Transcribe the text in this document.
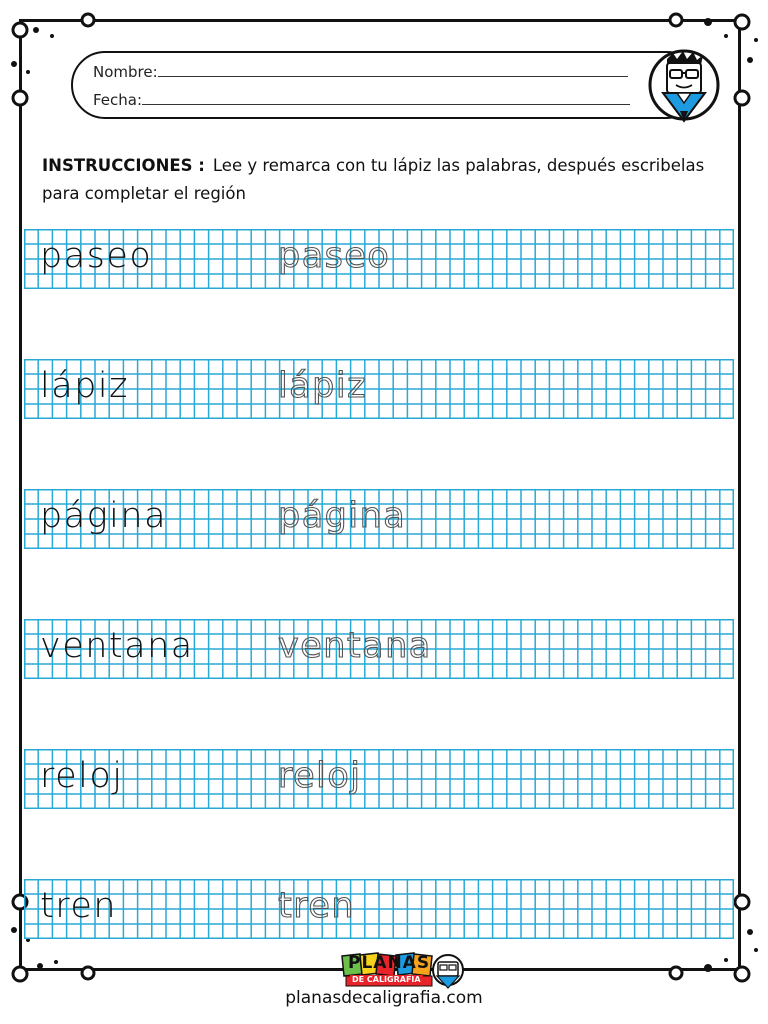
Nombre:
Fecha:
INSTRUCCIONES : Lee y remarca con tu lápiz las palabras, después escribelas para completar el región
paseo	paseo
lápiz	lápiz
página	página
ventana ventana
reloj	reloj
tren	tren
PLANAS
DE CALIGRAFIA
planasdecaligrafia.com
